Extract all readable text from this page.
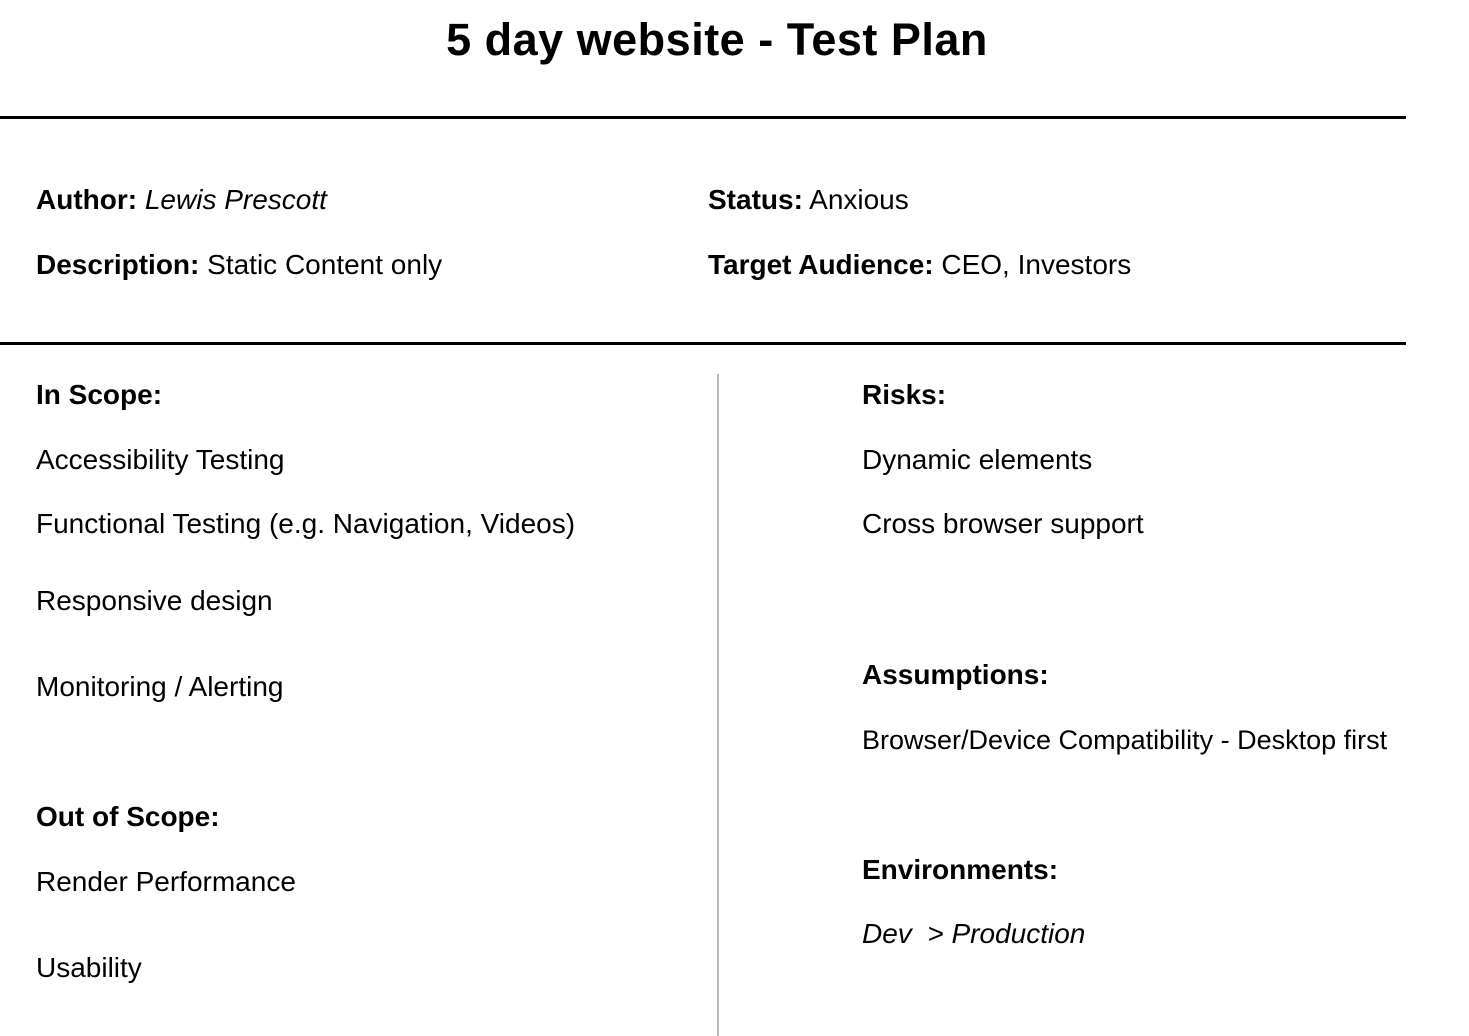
5 day website - Test Plan
Author: Lewis Prescott
Description: Static Content only
Status: Anxious
Target Audience: CEO, Investors
In Scope:
Accessibility Testing
Functional Testing (e.g. Navigation, Videos)
Responsive design
Monitoring / Alerting
Out of Scope:
Render Performance
Usability
Risks:
Dynamic elements
Cross browser support
Assumptions:
Browser/Device Compatibility - Desktop first
Environments:
Dev  > Production
